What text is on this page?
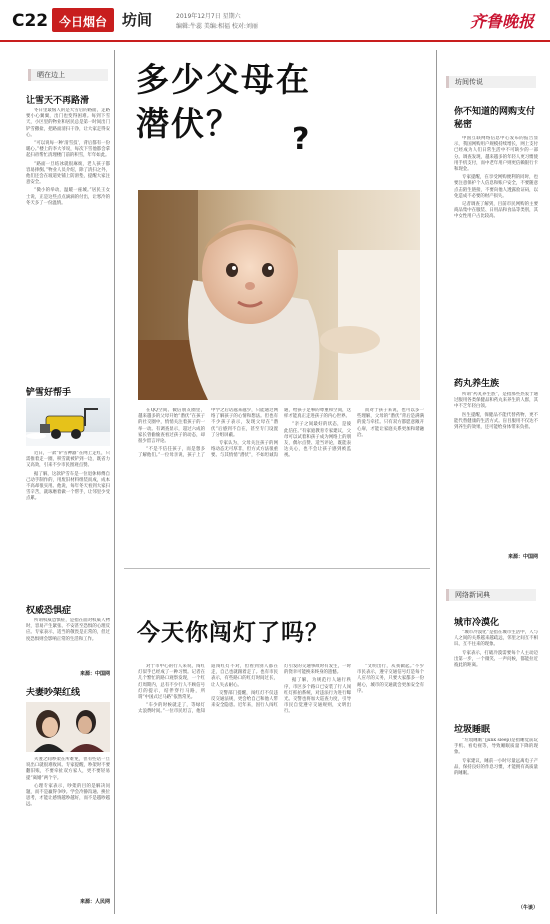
C22 今日烟台 坊间	2019年12月7日 星期六
编辑:牛蕊 美编:相福 校对:刘丽	齐鲁晚报
晒在边上
让雪天不再路滑

冬日里最恼人的是大雪后的路面，走路要小心翼翼，出门也变得困难。每到下雪天，小区里的物业和居民总是第一时间出门铲雪撒盐，把路面清扫干净，让大家走得安心。

“可以说每一种‘清雪技’，背后都有一份暖心。”楼上的李大爷说，每次下雪他都会拿起扫帚帮忙清理楼门前的积雪，年年如此。

“路面一旦结冰就很麻烦，老人孩子都容易摔倒。”物业人员介绍，除了清扫之外，他们还会在坡道处铺上防滑垫，提醒大家注意安全。

“微小的举动，温暖一座城。”居民王女士说，正是这些点点滴滴的付出，让寒冷的冬天多了一份温情。

铲雪好帮手

近日，一款“铲雪神器”在网上走红，只需推着走一圈，积雪就被铲到一边，既省力又高效，引来不少市民围观点赞。

据了解，这款铲雪车是一位退休师傅自己动手制作的，用废旧材料组装而成，成本不高却很实用。他说，每年冬天看到大家扫雪辛苦，就琢磨着做一个帮手，让邻里少受点累。

权威恐惧症

所谓权威恐惧症，是指在面对权威人物时，容易产生紧张、不安甚至恐惧的心理反应。专家表示，适当的敬畏是正常的，但过度恐惧则会影响正常的生活和工作。

来源：中国网
夫妻吵架红线

夫妻之间吵架在所难免，但有些话一旦说出口就很难收回。专家提醒，吵架时不要翻旧账，不要牵扯双方家人，更不要轻易提“离婚”两个字。

心理专家表示，吵架的目的是解决问题，而不是赢得争吵。学会冷静沟通、换位思考，才能让感情越吵越好，而不是越吵越远。

来源：人民网
多少父母在潜伏？	?

在QQ空间、微信朋友圈里，越来越多的父母开始“潜伏”在孩子的社交圈中，悄悄关注着孩子的一举一动。有调查显示，超过六成的家长曾偷偷查看过孩子的动态，却很少留言评论。

“不是不信任孩子，而是想多了解他们。”一位母亲说，孩子上了中学之后话越来越少，只能通过网络了解孩子的心情和想法。但也有不少孩子表示，发现父母在“潜伏”后感到不自在，甚至专门设置了分组屏蔽。

专家认为，父母关注孩子的网络动态无可厚非，但方式方法很重要。与其悄悄“潜伏”，不如坦诚沟通，给孩子足够的尊重和空间，这样才能真正走进孩子的内心世界。

“亲子之间最好的状态，是彼此信任。”有家庭教育专家建议，父母可以试着和孩子成为网络上的朋友，偶尔点赞、适当评论，既能表达关心，也不会让孩子感到被监视。

而对于孩子来说，也可以多一些理解，父母的“潜伏”背后是满满的爱与牵挂。只有双方都愿意敞开心扉，才能让家庭关系更加和谐融洽。

今天你闯灯了吗？

对于市中心的行人来说，闯红灯似乎已经成了一种习惯。记者在几个繁忙的路口观察发现，一个红灯周期内，总有不少行人不顾信号灯的提示，结伴穿行马路，所谓“中国式过马路”依然常见。

“车少的时候就走了，等绿灯太浪费时间。”一位市民坦言，他知道闯红灯不对，但看到别人都在走，自己也就跟着走了。也有市民表示，有些路口的红灯时间过长，让人失去耐心。

交警部门提醒，闯红灯不仅违反交通法规，更会给自己和他人带来安全隐患。近年来，因行人闯红灯引发的交通事故时有发生，一时的侥幸可能换来终身的遗憾。

据了解，为规范行人通行秩序，市区多个路口已安装了行人闯红灯抓拍系统，对违法行为进行曝光。交警也将加大巡查力度，引导市民自觉遵守交通规则，文明出行。

“文明出行，从我做起。”不少市民表示，遵守交通信号灯是每个人应尽的义务，只要大家都多一份耐心，城市的交通就会更加安全有序。

坊间传说
你不知道的网购支付秘密

中国互联网络信息中心发布的报告显示，我国网购用户规模持续增长，网上支付已经成为人们日常生活中不可缺少的一部分。调查发现，越来越多的年轻人更习惯使用手机支付，而中老年用户则更信赖银行卡和现金。

专家提醒，在享受网购便利的同时，也要注意保护个人信息和账户安全，不要随意点击陌生链接，不要向他人透露验证码，以免造成不必要的财产损失。

记者调查了解到，目前市民网购的主要商品集中在服装、日用品和食品等类别，其中女性用户占比较高。

药丸养生族

所谓“药丸养生族”，是指那些热衷于通过服用各类保健品和药丸来养生的人群，其中不乏年轻白领。

医生提醒，保健品不能代替药物，更不能代替健康的生活方式。盲目服用不仅达不到养生的效果，还可能给身体带来负担。

来源：中国网
网络新词典
城市冷漠化

“城市冷漠化”是指在城市生活中，人与人之间的关系越来越疏远，邻里之间互不相识、互不往来的现象。

专家表示，打破冷漠需要每个人主动迈出第一步，一个微笑、一声问候，都能拉近彼此的距离。

垃圾睡眠

“垃圾睡眠”(junk sleep)是指睡觉前玩手机、看电视等，导致睡眠质量下降的现象。

专家建议，睡前一小时尽量远离电子产品，保持良好的作息习惯，才能拥有高质量的睡眠。

（牛谈）
